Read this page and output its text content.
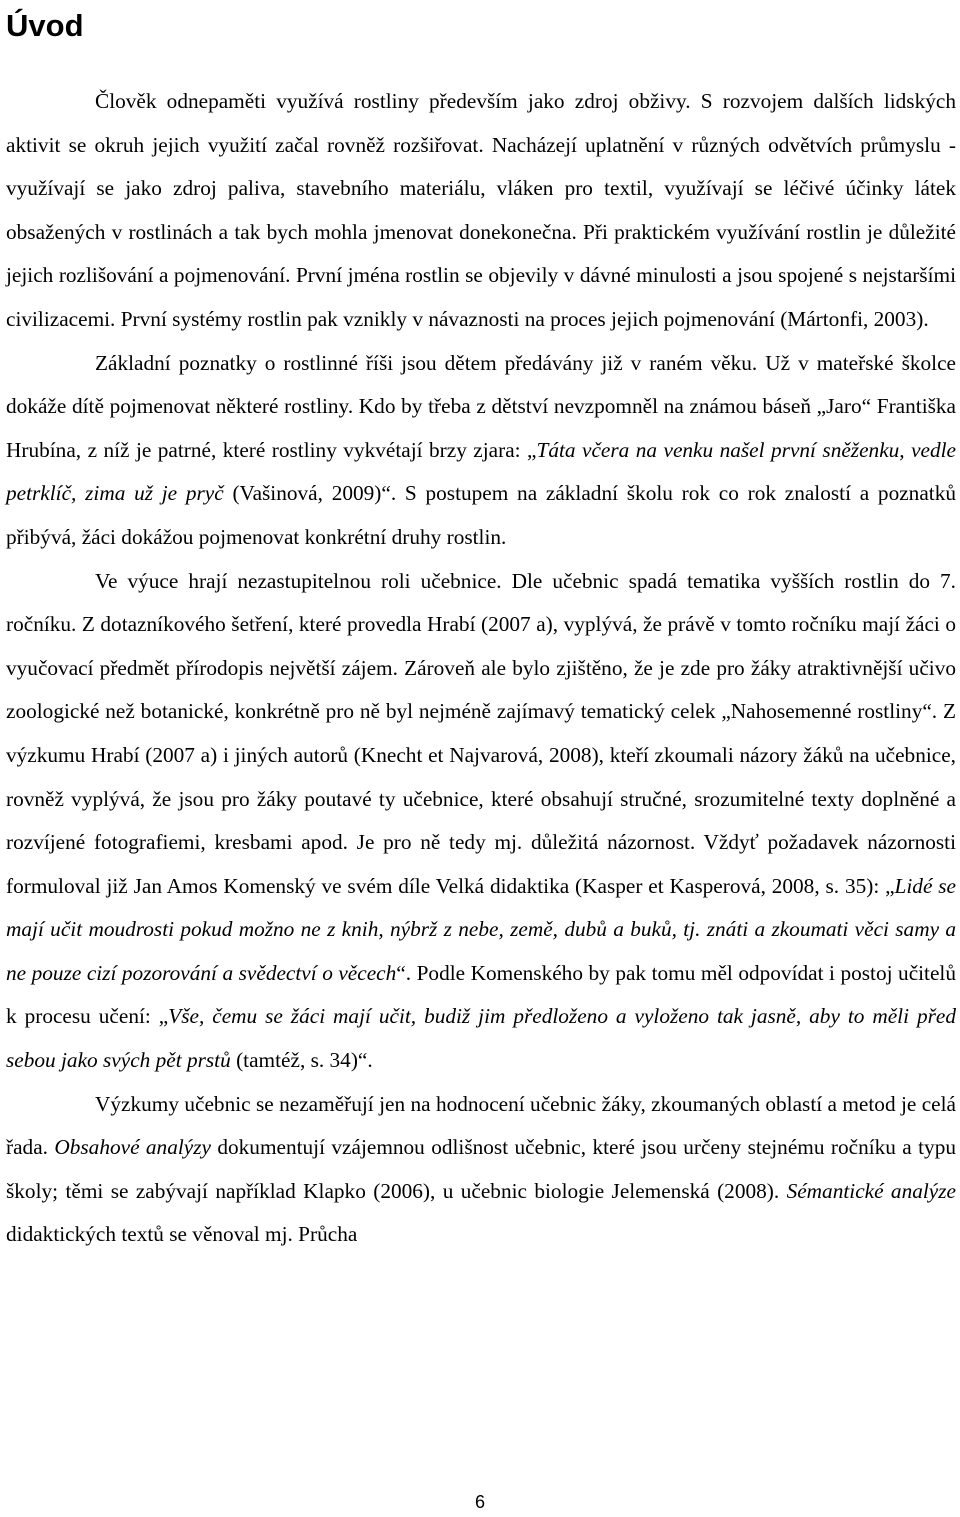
Úvod

Člověk odnepaměti využívá rostliny především jako zdroj obživy. S rozvojem dalších lidských aktivit se okruh jejich využití začal rovněž rozšiřovat. Nacházejí uplatnění v různých odvětvích průmyslu - využívají se jako zdroj paliva, stavebního materiálu, vláken pro textil, využívají se léčivé účinky látek obsažených v rostlinách a tak bych mohla jmenovat donekonečna. Při praktickém využívání rostlin je důležité jejich rozlišování a pojmenování. První jména rostlin se objevily v dávné minulosti a jsou spojené s nejstaršími civilizacemi. První systémy rostlin pak vznikly v návaznosti na proces jejich pojmenování (Mártonfi, 2003).

Základní poznatky o rostlinné říši jsou dětem předávány již v raném věku. Už v mateřské školce dokáže dítě pojmenovat některé rostliny. Kdo by třeba z dětství nevzpomněl na známou báseň „Jaro“ Františka Hrubína, z níž je patrné, které rostliny vykvétají brzy zjara: „Táta včera na venku našel první sněženku, vedle petrklíč, zima už je pryč (Vašinová, 2009)“. S postupem na základní školu rok co rok znalostí a poznatků přibývá, žáci dokážou pojmenovat konkrétní druhy rostlin.

Ve výuce hrají nezastupitelnou roli učebnice. Dle učebnic spadá tematika vyšších rostlin do 7. ročníku. Z dotazníkového šetření, které provedla Hrabí (2007 a), vyplývá, že právě v tomto ročníku mají žáci o vyučovací předmět přírodopis největší zájem. Zároveň ale bylo zjištěno, že je zde pro žáky atraktivnější učivo zoologické než botanické, konkrétně pro ně byl nejméně zajímavý tematický celek „Nahosemenné rostliny“. Z výzkumu Hrabí (2007 a) i jiných autorů (Knecht et Najvarová, 2008), kteří zkoumali názory žáků na učebnice, rovněž vyplývá, že jsou pro žáky poutavé ty učebnice, které obsahují stručné, srozumitelné texty doplněné a rozvíjené fotografiemi, kresbami apod. Je pro ně tedy mj. důležitá názornost. Vždyť požadavek názornosti formuloval již Jan Amos Komenský ve svém díle Velká didaktika (Kasper et Kasperová, 2008, s. 35): „Lidé se mají učit moudrosti pokud možno ne z knih, nýbrž z nebe, země, dubů a buků, tj. znáti a zkoumati věci samy a ne pouze cizí pozorování a svědectví o věcech“. Podle Komenského by pak tomu měl odpovídat i postoj učitelů k procesu učení: „Vše, čemu se žáci mají učit, budiž jim předloženo a vyloženo tak jasně, aby to měli před sebou jako svých pět prstů (tamtéž, s. 34)“.

Výzkumy učebnic se nezaměřují jen na hodnocení učebnic žáky, zkoumaných oblastí a metod je celá řada. Obsahové analýzy dokumentují vzájemnou odlišnost učebnic, které jsou určeny stejnému ročníku a typu školy; těmi se zabývají například Klapko (2006), u učebnic biologie Jelemenská (2008). Sémantické analýze didaktických textů se věnoval mj. Průcha

6
